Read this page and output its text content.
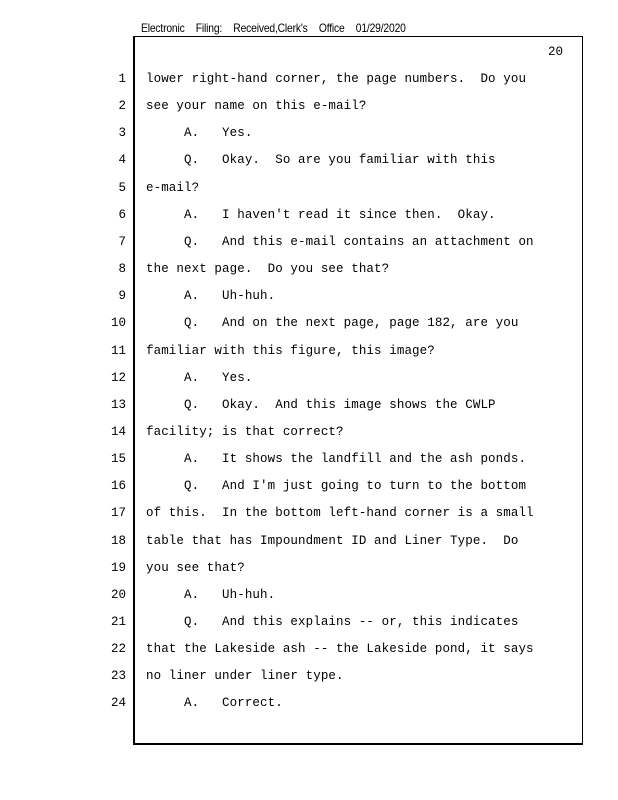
Electronic Filing: Received,Clerk's Office 01/29/2020
20
1 lower right-hand corner, the page numbers.  Do you
2 see your name on this e-mail?
3 A.   Yes.
4 Q.   Okay.  So are you familiar with this
5 e-mail?
6 A.   I haven't read it since then.  Okay.
7 Q.   And this e-mail contains an attachment on
8 the next page.  Do you see that?
9 A.   Uh-huh.
10 Q.   And on the next page, page 182, are you
11 familiar with this figure, this image?
12 A.   Yes.
13 Q.   Okay.  And this image shows the CWLP
14 facility; is that correct?
15 A.   It shows the landfill and the ash ponds.
16 Q.   And I'm just going to turn to the bottom
17 of this.  In the bottom left-hand corner is a small
18 table that has Impoundment ID and Liner Type.  Do
19 you see that?
20 A.   Uh-huh.
21 Q.   And this explains -- or, this indicates
22 that the Lakeside ash -- the Lakeside pond, it says
23 no liner under liner type.
24 A.   Correct.
